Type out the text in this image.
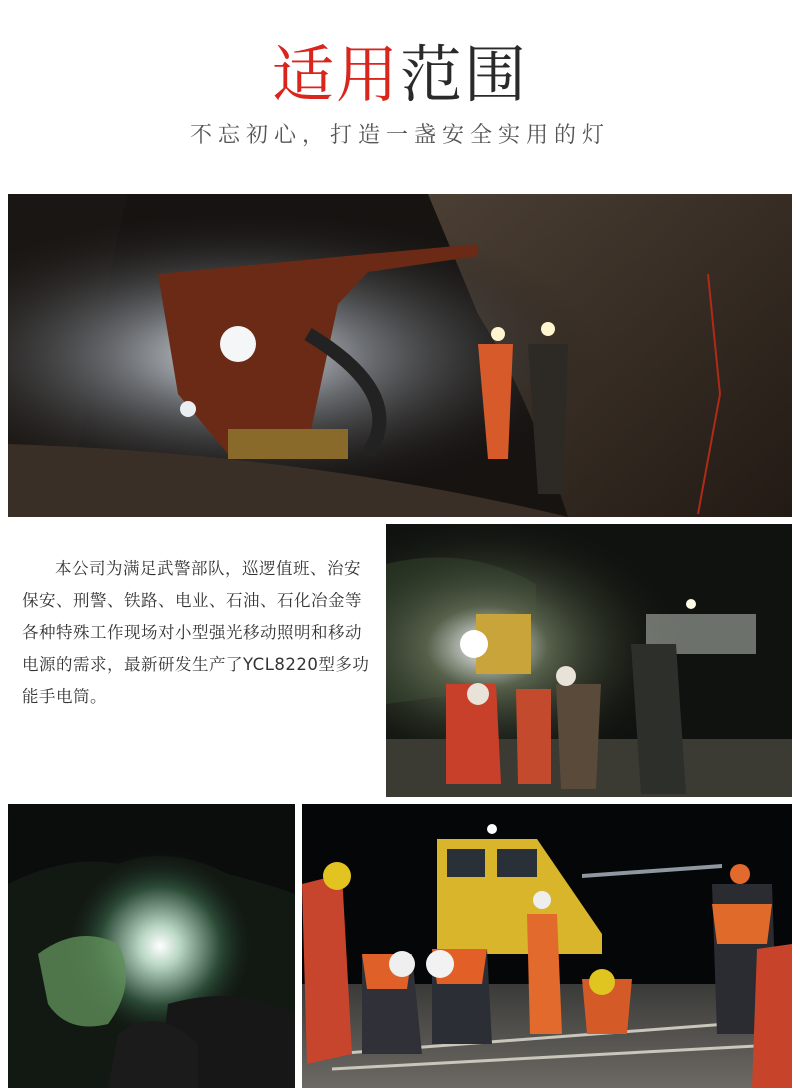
适用范围
不忘初心，打造一盏安全实用的灯

本公司为满足武警部队，巡逻值班、治安保安、刑警、铁路、电业、石油、石化冶金等各种特殊工作现场对小型强光移动照明和移动电源的需求，最新研发生产了YCL8220型多功能手电筒。
